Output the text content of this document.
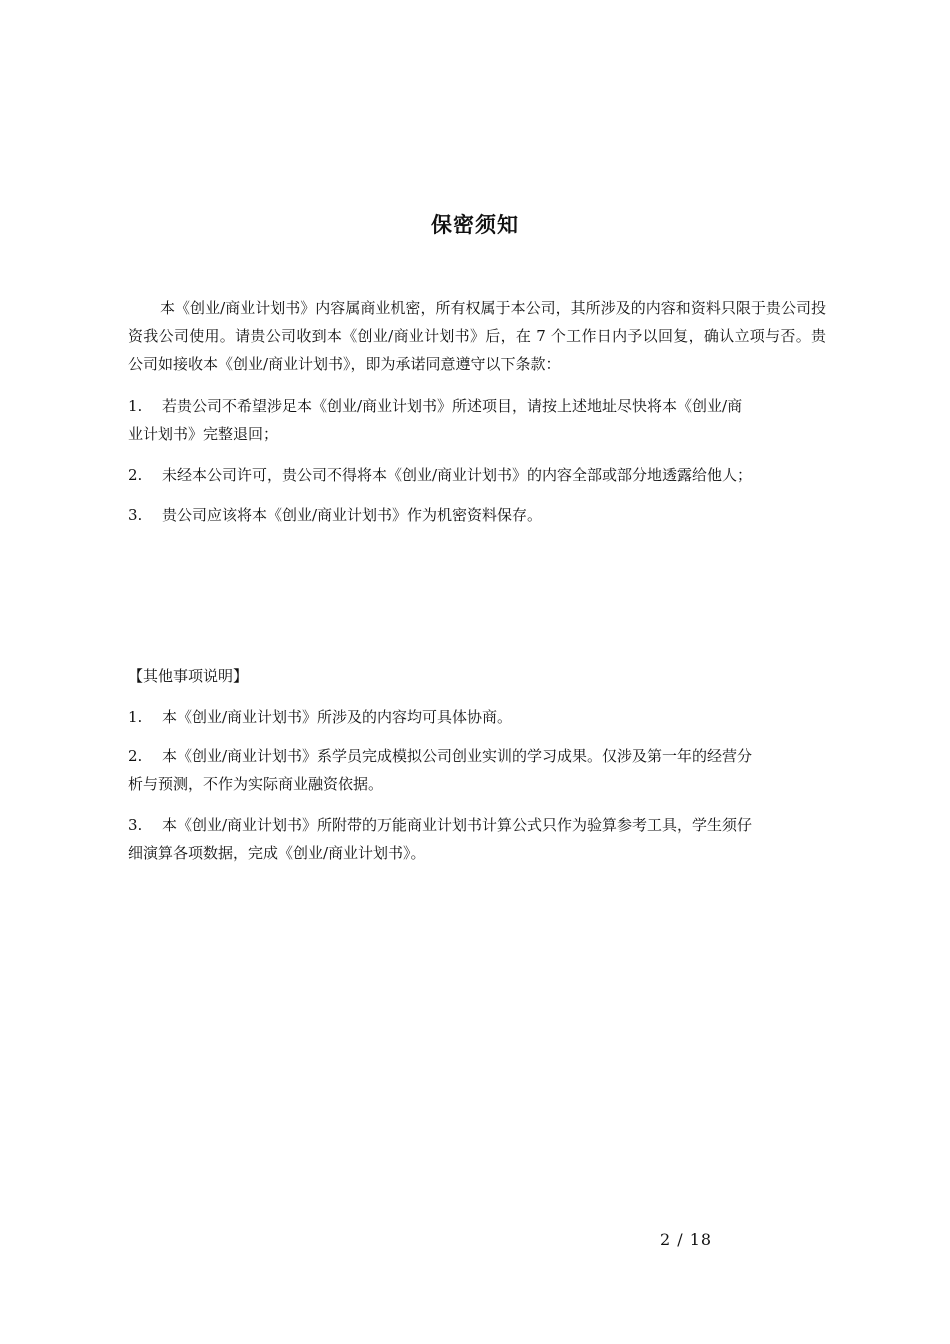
保密须知

本《创业/商业计划书》内容属商业机密，所有权属于本公司，其所涉及的内容和资料只限于贵公司投资我公司使用。请贵公司收到本《创业/商业计划书》后，在 7 个工作日内予以回复，确认立项与否。贵公司如接收本《创业/商业计划书》，即为承诺同意遵守以下条款：

1. 若贵公司不希望涉足本《创业/商业计划书》所述项目，请按上述地址尽快将本《创业/商
业计划书》完整退回；
2. 未经本公司许可，贵公司不得将本《创业/商业计划书》的内容全部或部分地透露给他人；
3. 贵公司应该将本《创业/商业计划书》作为机密资料保存。
【其他事项说明】
1. 本《创业/商业计划书》所涉及的内容均可具体协商。
2. 本《创业/商业计划书》系学员完成模拟公司创业实训的学习成果。仅涉及第一年的经营分
析与预测，不作为实际商业融资依据。
3. 本《创业/商业计划书》所附带的万能商业计划书计算公式只作为验算参考工具，学生须仔
细演算各项数据，完成《创业/商业计划书》。
2 / 18
